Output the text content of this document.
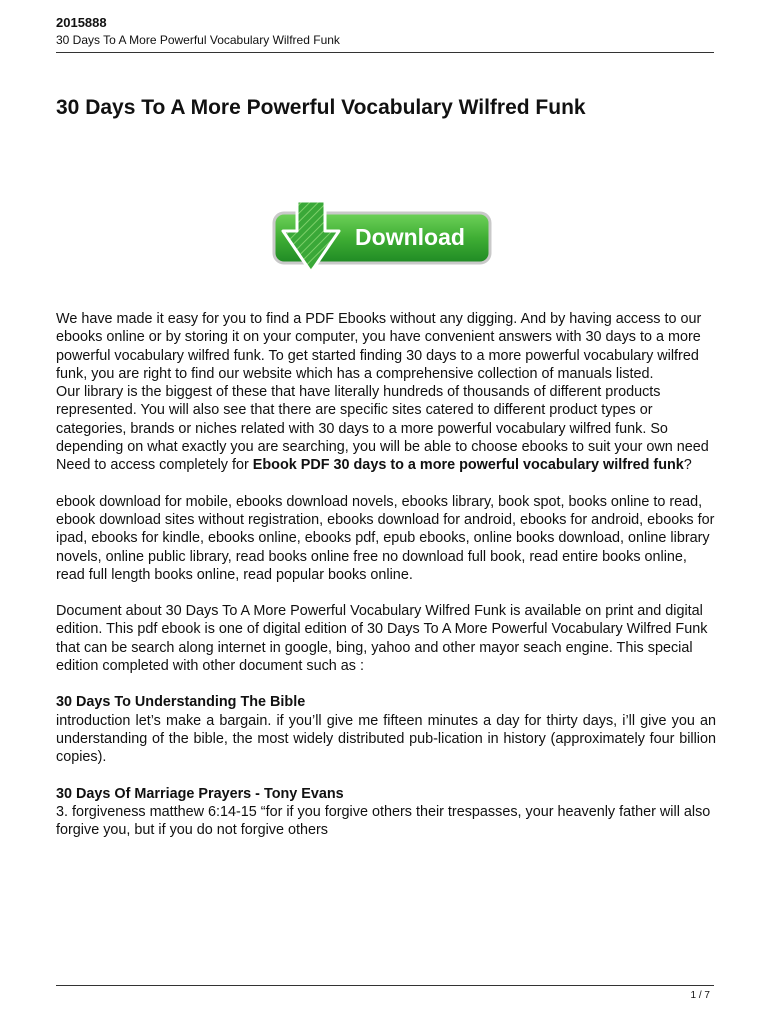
2015888
30 Days To A More Powerful Vocabulary Wilfred Funk
30 Days To A More Powerful Vocabulary Wilfred Funk
Download

We have made it easy for you to find a PDF Ebooks without any digging. And by having access to our ebooks online or by storing it on your computer, you have convenient answers with 30 days to a more powerful vocabulary wilfred funk. To get started finding 30 days to a more powerful vocabulary wilfred funk, you are right to find our website which has a comprehensive collection of manuals listed.

Our library is the biggest of these that have literally hundreds of thousands of different products represented. You will also see that there are specific sites catered to different product types or categories, brands or niches related with 30 days to a more powerful vocabulary wilfred funk. So depending on what exactly you are searching, you will be able to choose ebooks to suit your own need

Need to access completely for Ebook PDF 30 days to a more powerful vocabulary wilfred funk?

ebook download for mobile, ebooks download novels, ebooks library, book spot, books online to read, ebook download sites without registration, ebooks download for android, ebooks for android, ebooks for ipad, ebooks for kindle, ebooks online, ebooks pdf, epub ebooks, online books download, online library novels, online public library, read books online free no download full book, read entire books online, read full length books online, read popular books online.

Document about 30 Days To A More Powerful Vocabulary Wilfred Funk is available on print and digital edition. This pdf ebook is one of digital edition of 30 Days To A More Powerful Vocabulary Wilfred Funk that can be search along internet in google, bing, yahoo and other mayor seach engine. This special edition completed with other document such as :

30 Days To Understanding The Bible

introduction let’s make a bargain. if you’ll give me fifteen minutes a day for thirty days, i’ll give you an understanding of the bible, the most widely distributed pub-lication in history (approximately four billion copies).

30 Days Of Marriage Prayers - Tony Evans

3. forgiveness matthew 6:14-15 “for if you forgive others their trespasses, your heavenly father will also forgive you, but if you do not forgive others

1 / 7
